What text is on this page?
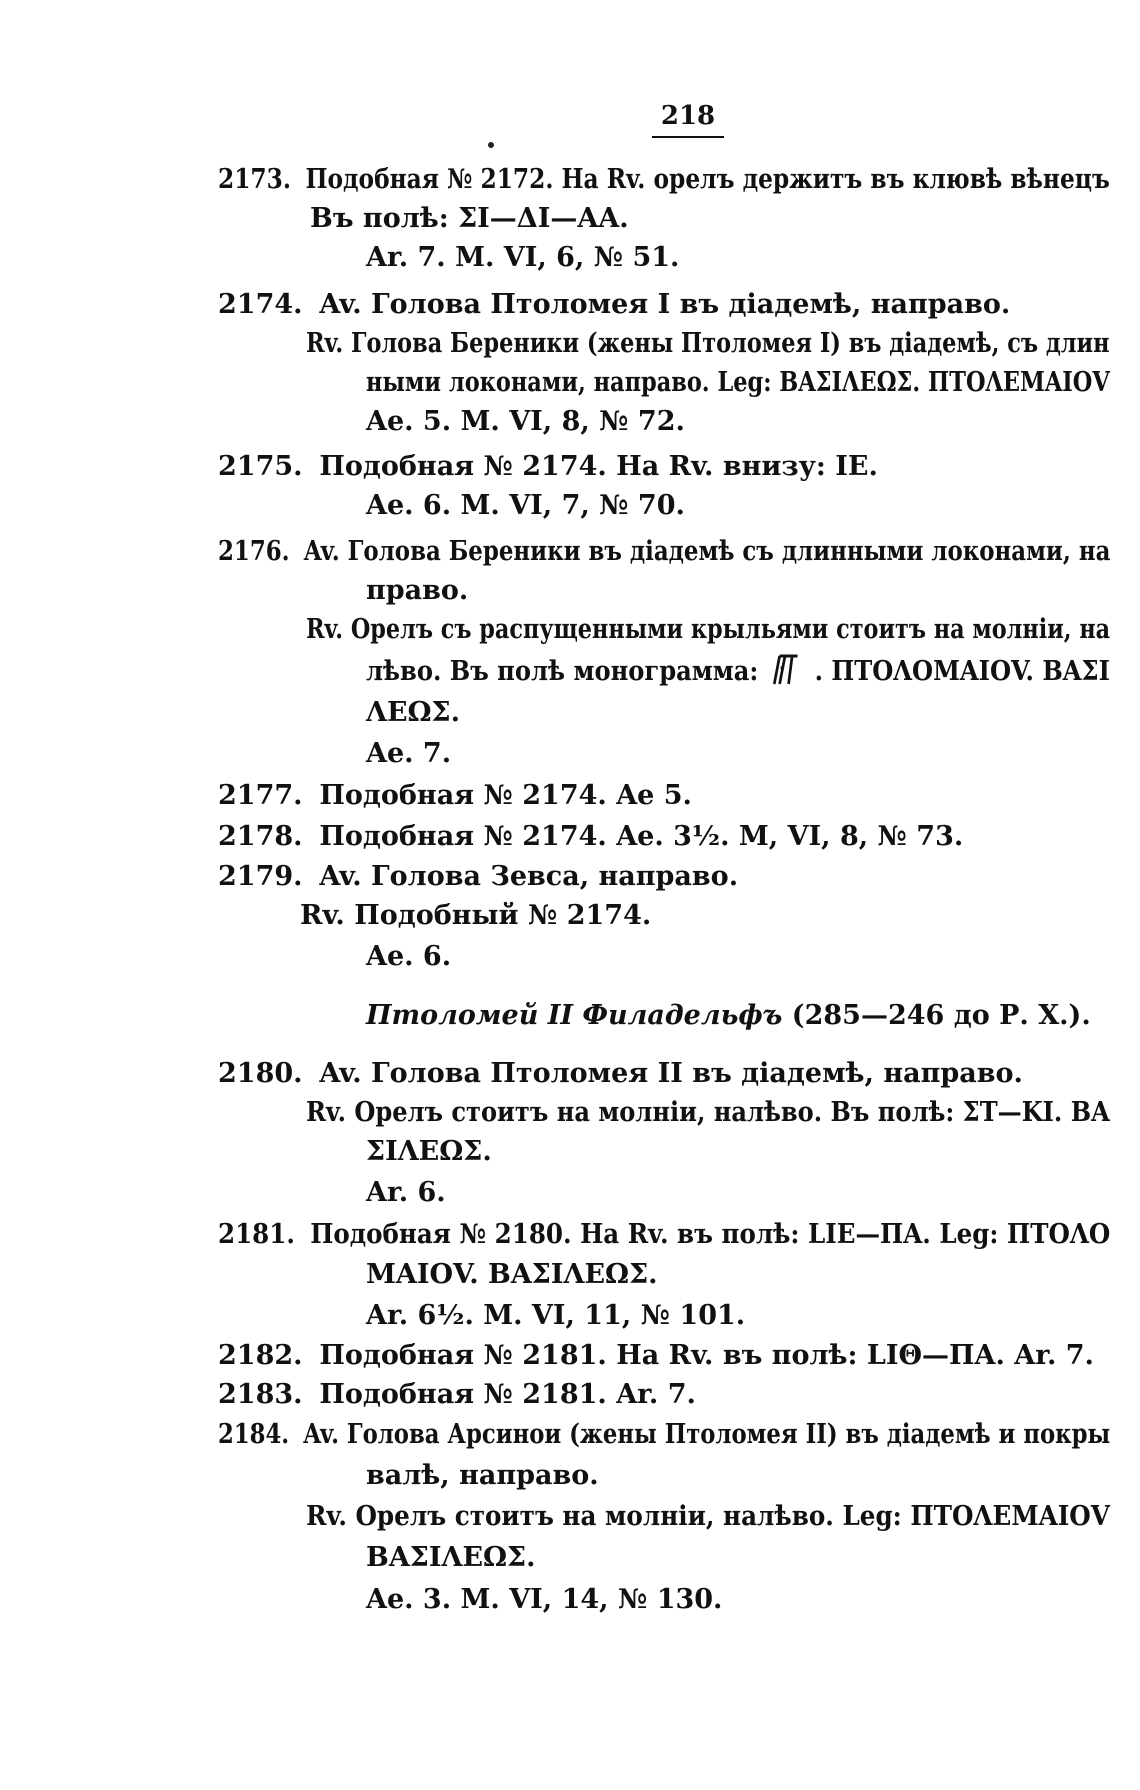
218
2173. Подобная № 2172. На Rv. орелъ держитъ въ клювѣ вѣнецъ
Въ полѣ: ΣΙ—ΔΙ—ΑΑ.
Ar. 7. M. VI, 6, № 51.
2174. Av. Голова Птоломея I въ діадемѣ, направо.
Rv. Голова Береники (жены Птоломея I) въ діадемѣ, съ длин
ными локонами, направо. Leg: ΒΑΣΙΛΕΩΣ. ΠΤΟΛΕΜΑΙΟV
Ae. 5. M. VI, 8, № 72.
2175. Подобная № 2174. На Rv. внизу: ΙΕ.
Ae. 6. M. VI, 7, № 70.
2176. Av. Голова Береники въ діадемѣ съ длинными локонами, на
право.
Rv. Орелъ съ распущенными крыльями стоитъ на молніи, на
лѣво. Въ полѣ монограмма: . ΠΤΟΛΟΜΑΙΟV. ΒΑΣΙ
ΛΕΩΣ.
Ae. 7.
2177. Подобная № 2174. Ae 5.
2178. Подобная № 2174. Ae. 3½. M, VI, 8, № 73.
2179. Av. Голова Зевса, направо.
Rv. Подобный № 2174.
Ae. 6.
Птоломей II Филадельфъ (285—246 до Р. X.).
2180. Av. Голова Птоломея II въ діадемѣ, направо.
Rv. Орелъ стоитъ на молніи, налѣво. Въ полѣ: ΣΤ—ΚΙ. ΒΑ
ΣΙΛΕΩΣ.
Ar. 6.
2181. Подобная № 2180. На Rv. въ полѣ: LIE—ΠΑ. Leg: ΠΤΟΛΟ
ΜΑΙΟV. ΒΑΣΙΛΕΩΣ.
Ar. 6½. M. VI, 11, № 101.
2182. Подобная № 2181. На Rv. въ полѣ: LIΘ—ΠΑ. Ar. 7.
2183. Подобная № 2181. Ar. 7.
2184. Av. Голова Арсинои (жены Птоломея II) въ діадемѣ и покры
валѣ, направо.
Rv. Орелъ стоитъ на молніи, налѣво. Leg: ΠΤΟΛΕΜΑΙΟV
ΒΑΣΙΛΕΩΣ.
Ae. 3. M. VI, 14, № 130.
